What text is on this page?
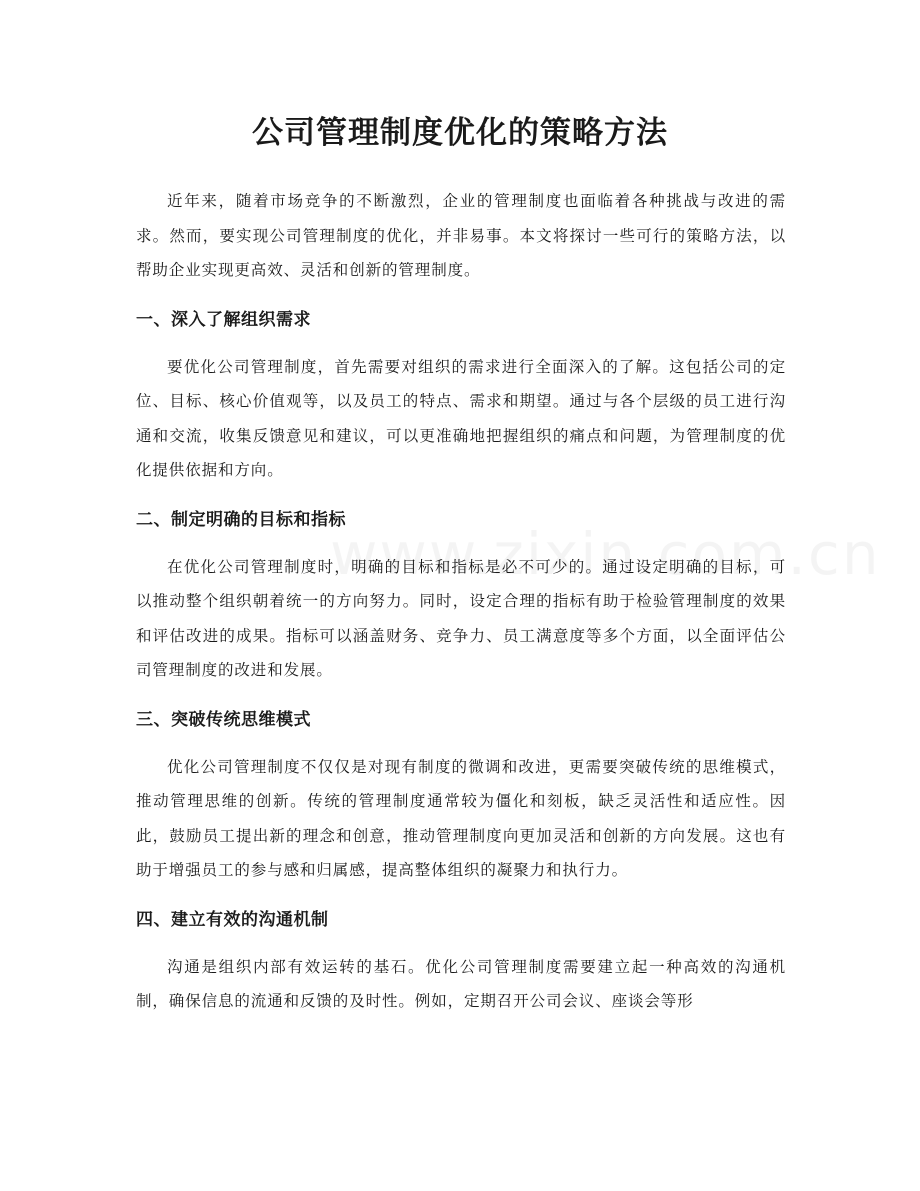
公司管理制度优化的策略方法

近年来，随着市场竞争的不断激烈，企业的管理制度也面临着各种挑战与改进的需求。然而，要实现公司管理制度的优化，并非易事。本文将探讨一些可行的策略方法，以帮助企业实现更高效、灵活和创新的管理制度。

一、深入了解组织需求

要优化公司管理制度，首先需要对组织的需求进行全面深入的了解。这包括公司的定位、目标、核心价值观等，以及员工的特点、需求和期望。通过与各个层级的员工进行沟通和交流，收集反馈意见和建议，可以更准确地把握组织的痛点和问题，为管理制度的优化提供依据和方向。

二、制定明确的目标和指标

在优化公司管理制度时，明确的目标和指标是必不可少的。通过设定明确的目标，可以推动整个组织朝着统一的方向努力。同时，设定合理的指标有助于检验管理制度的效果和评估改进的成果。指标可以涵盖财务、竞争力、员工满意度等多个方面，以全面评估公司管理制度的改进和发展。

三、突破传统思维模式

优化公司管理制度不仅仅是对现有制度的微调和改进，更需要突破传统的思维模式，推动管理思维的创新。传统的管理制度通常较为僵化和刻板，缺乏灵活性和适应性。因此，鼓励员工提出新的理念和创意，推动管理制度向更加灵活和创新的方向发展。这也有助于增强员工的参与感和归属感，提高整体组织的凝聚力和执行力。

四、建立有效的沟通机制

沟通是组织内部有效运转的基石。优化公司管理制度需要建立起一种高效的沟通机制，确保信息的流通和反馈的及时性。例如，定期召开公司会议、座谈会等形
